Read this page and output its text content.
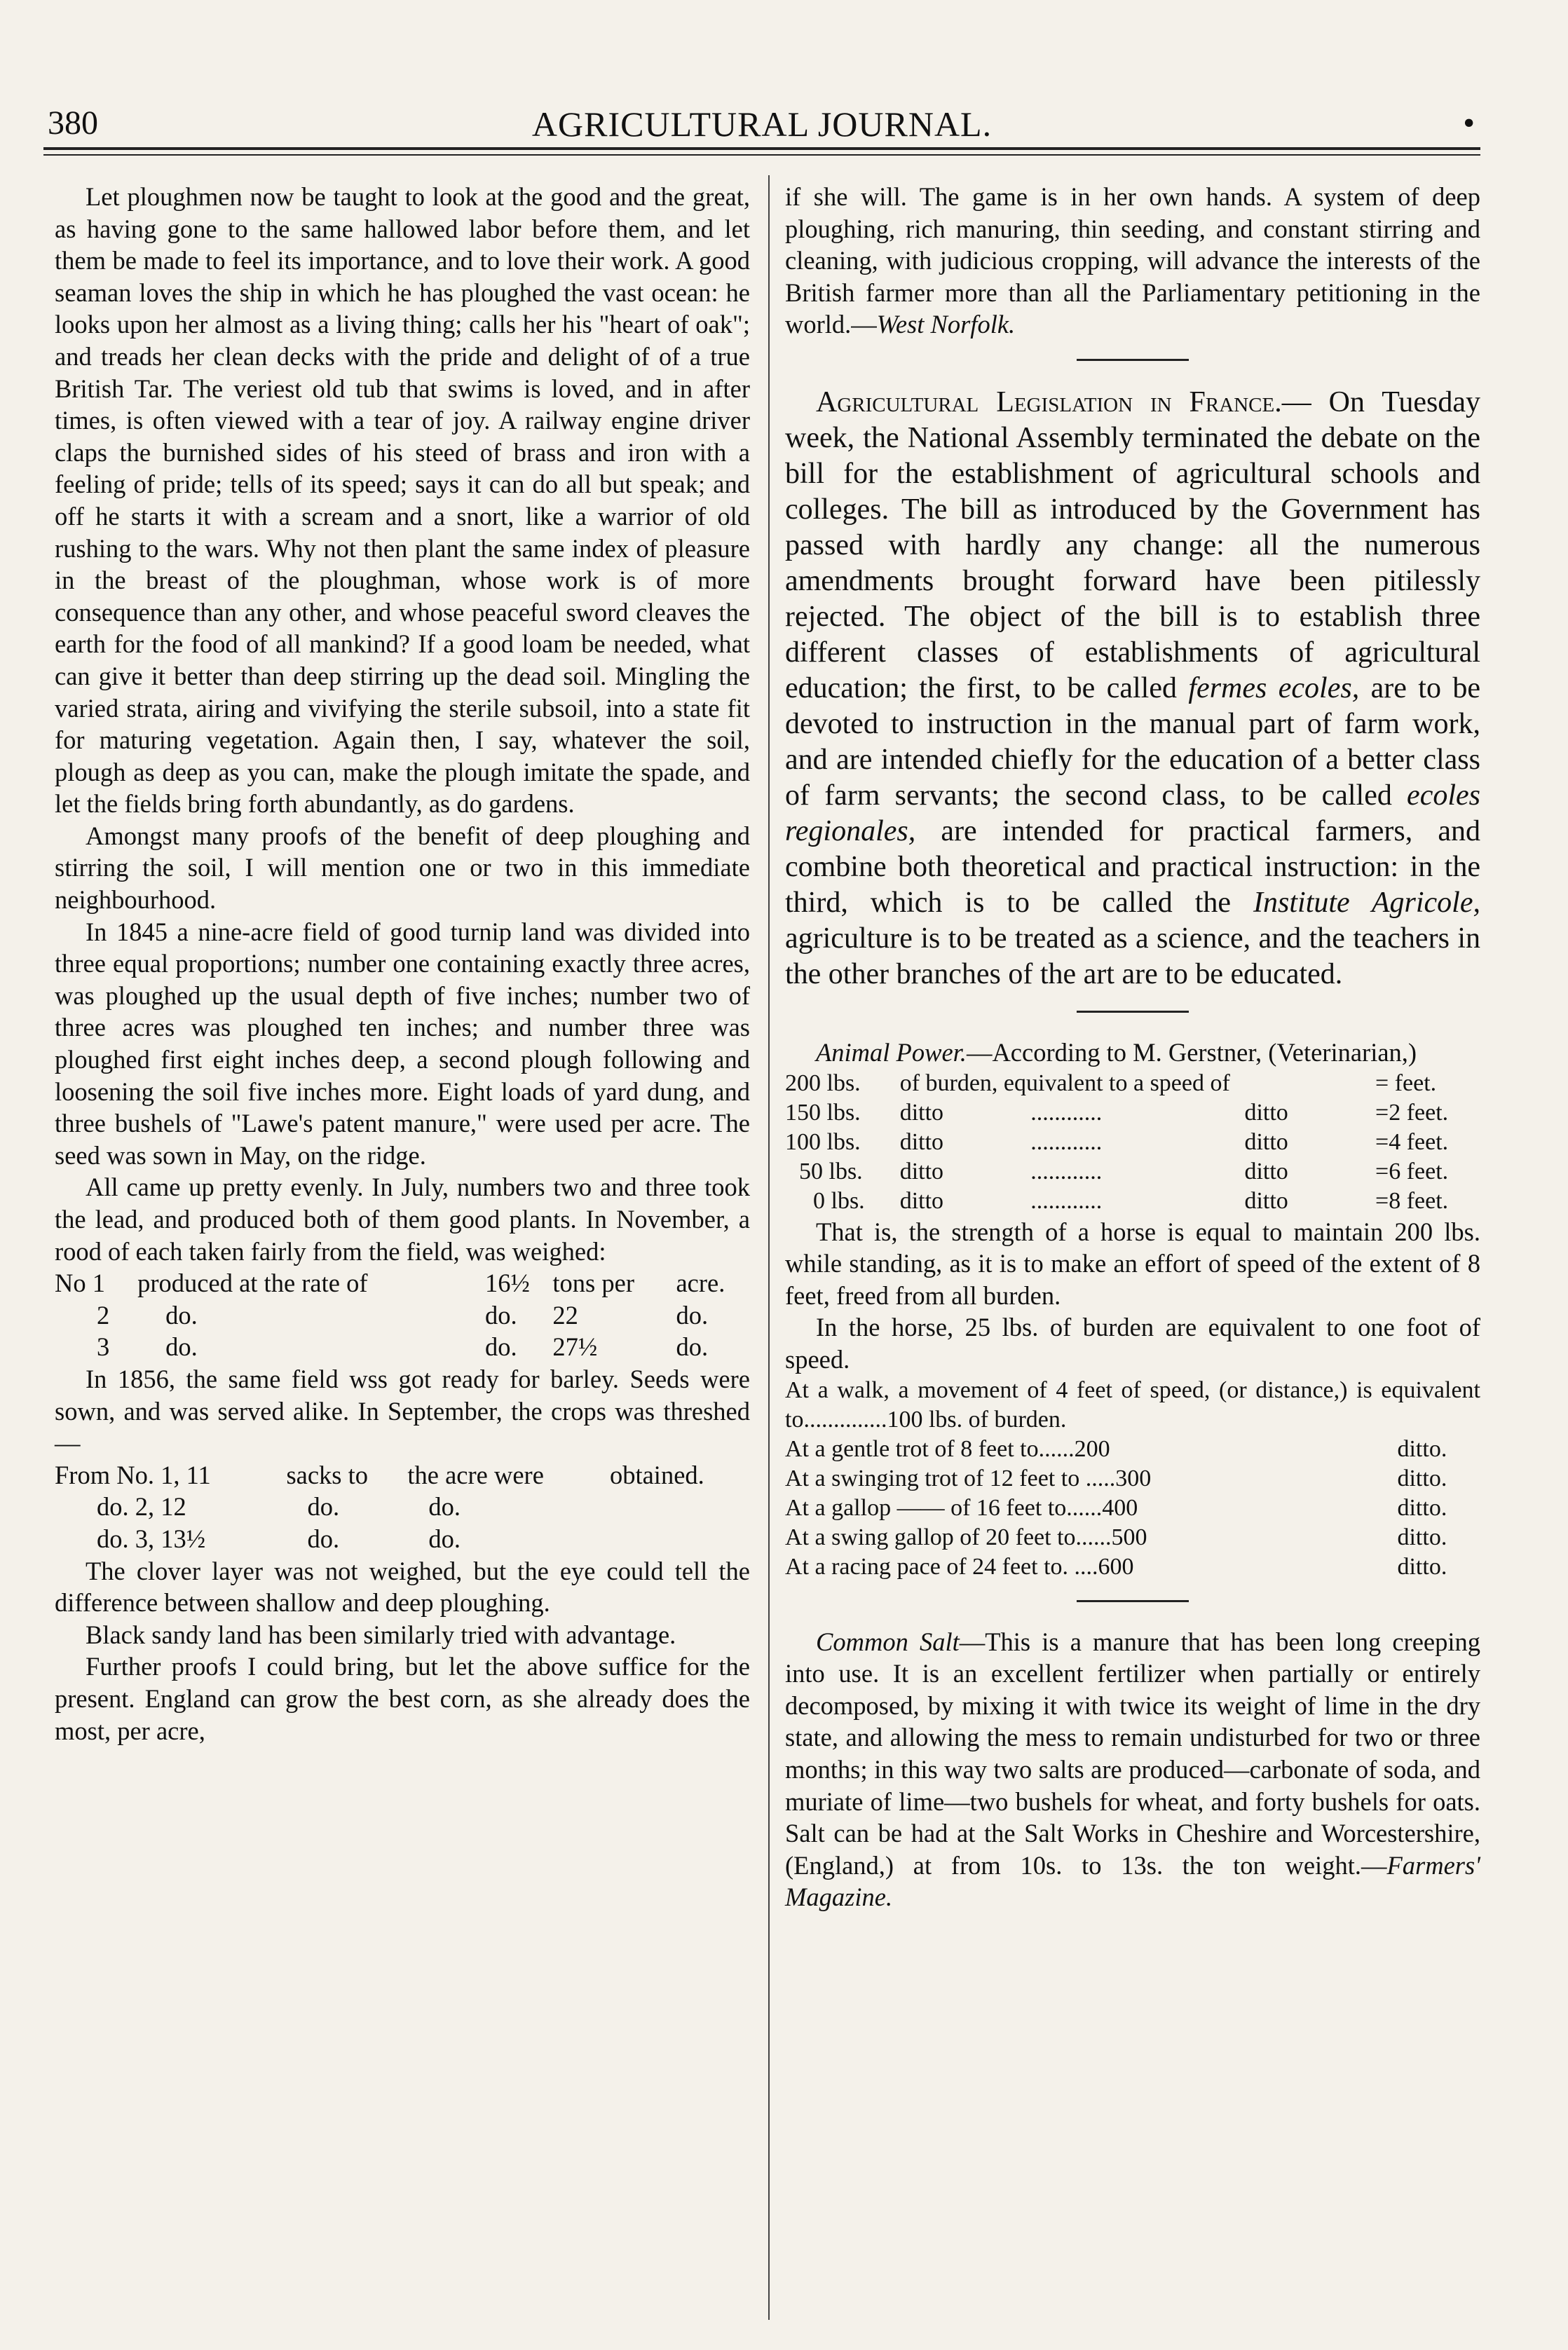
380	AGRICULTURAL JOURNAL.	•

Let ploughmen now be taught to look at the good and the great, as having gone to the same hallowed labor before them, and let them be made to feel its importance, and to love their work. A good seaman loves the ship in which he has ploughed the vast ocean: he looks upon her almost as a living thing; calls her his "heart of oak"; and treads her clean decks with the pride and delight of of a true British Tar. The veriest old tub that swims is loved, and in after times, is often viewed with a tear of joy. A railway engine driver claps the burnished sides of his steed of brass and iron with a feeling of pride; tells of its speed; says it can do all but speak; and off he starts it with a scream and a snort, like a warrior of old rushing to the wars. Why not then plant the same index of pleasure in the breast of the ploughman, whose work is of more consequence than any other, and whose peaceful sword cleaves the earth for the food of all mankind? If a good loam be needed, what can give it better than deep stirring up the dead soil. Mingling the varied strata, airing and vivifying the sterile subsoil, into a state fit for maturing vegetation. Again then, I say, whatever the soil, plough as deep as you can, make the plough imitate the spade, and let the fields bring forth abundantly, as do gardens.

Amongst many proofs of the benefit of deep ploughing and stirring the soil, I will mention one or two in this immediate neighbourhood.

In 1845 a nine-acre field of good turnip land was divided into three equal proportions; number one containing exactly three acres, was ploughed up the usual depth of five inches; number two of three acres was ploughed ten inches; and number three was ploughed first eight inches deep, a second plough following and loosening the soil five inches more. Eight loads of yard dung, and three bushels of "Lawe's patent manure," were used per acre. The seed was sown in May, on the ridge.

All came up pretty evenly. In July, numbers two and three took the lead, and produced both of them good plants. In November, a rood of each taken fairly from the field, was weighed:

No 1	produced at the rate of	16½	tons per	acre.
2	do.	do.	22	do.
3	do.	do.	27½	do.

In 1856, the same field wss got ready for barley. Seeds were sown, and was served alike. In September, the crops was threshed—

From No. 1, 11	sacks to	the acre were	obtained.
do. 2, 12	do.	do.	
do. 3, 13½	do.	do.	

The clover layer was not weighed, but the eye could tell the difference between shallow and deep ploughing.

Black sandy land has been similarly tried with advantage.

Further proofs I could bring, but let the above suffice for the present. England can grow the best corn, as she already does the most, per acre,

if she will. The game is in her own hands. A system of deep ploughing, rich manuring, thin seeding, and constant stirring and cleaning, with judicious cropping, will advance the interests of the British farmer more than all the Parliamentary petitioning in the world.—West Norfolk.

Agricultural Legislation in France.— On Tuesday week, the National Assembly terminated the debate on the bill for the establishment of agricultural schools and colleges. The bill as introduced by the Government has passed with hardly any change: all the numerous amendments brought forward have been pitilessly rejected. The object of the bill is to establish three different classes of establishments of agricultural education; the first, to be called fermes ecoles, are to be devoted to instruction in the manual part of farm work, and are intended chiefly for the education of a better class of farm servants; the second class, to be called ecoles regionales, are intended for practical farmers, and combine both theoretical and practical instruction: in the third, which is to be called the Institute Agricole, agriculture is to be treated as a science, and the teachers in the other branches of the art are to be educated.

Animal Power.—According to M. Gerstner, (Veterinarian,)

200 lbs.	of burden, equivalent to a speed of			= feet.
150 lbs.	ditto	............	ditto	=2 feet.
100 lbs.	ditto	............	ditto	=4 feet.
50 lbs.	ditto	............	ditto	=6 feet.
0 lbs.	ditto	............	ditto	=8 feet.

That is, the strength of a horse is equal to maintain 200 lbs. while standing, as it is to make an effort of speed of the extent of 8 feet, freed from all burden.

In the horse, 25 lbs. of burden are equivalent to one foot of speed.

At a walk, a movement of 4 feet of speed, (or distance,) is equivalent to..............100 lbs. of burden.

At a gentle trot of 8 feet to......200	ditto.
At a swinging trot of 12 feet to .....300	ditto.
At a gallop —— of 16 feet to......400	ditto.
At a swing gallop of 20 feet to......500	ditto.
At a racing pace of 24 feet to. ....600	ditto.

Common Salt—This is a manure that has been long creeping into use. It is an excellent fertilizer when partially or entirely decomposed, by mixing it with twice its weight of lime in the dry state, and allowing the mess to remain undisturbed for two or three months; in this way two salts are produced—carbonate of soda, and muriate of lime—two bushels for wheat, and forty bushels for oats. Salt can be had at the Salt Works in Cheshire and Worcestershire, (England,) at from 10s. to 13s. the ton weight.—Farmers' Magazine.
